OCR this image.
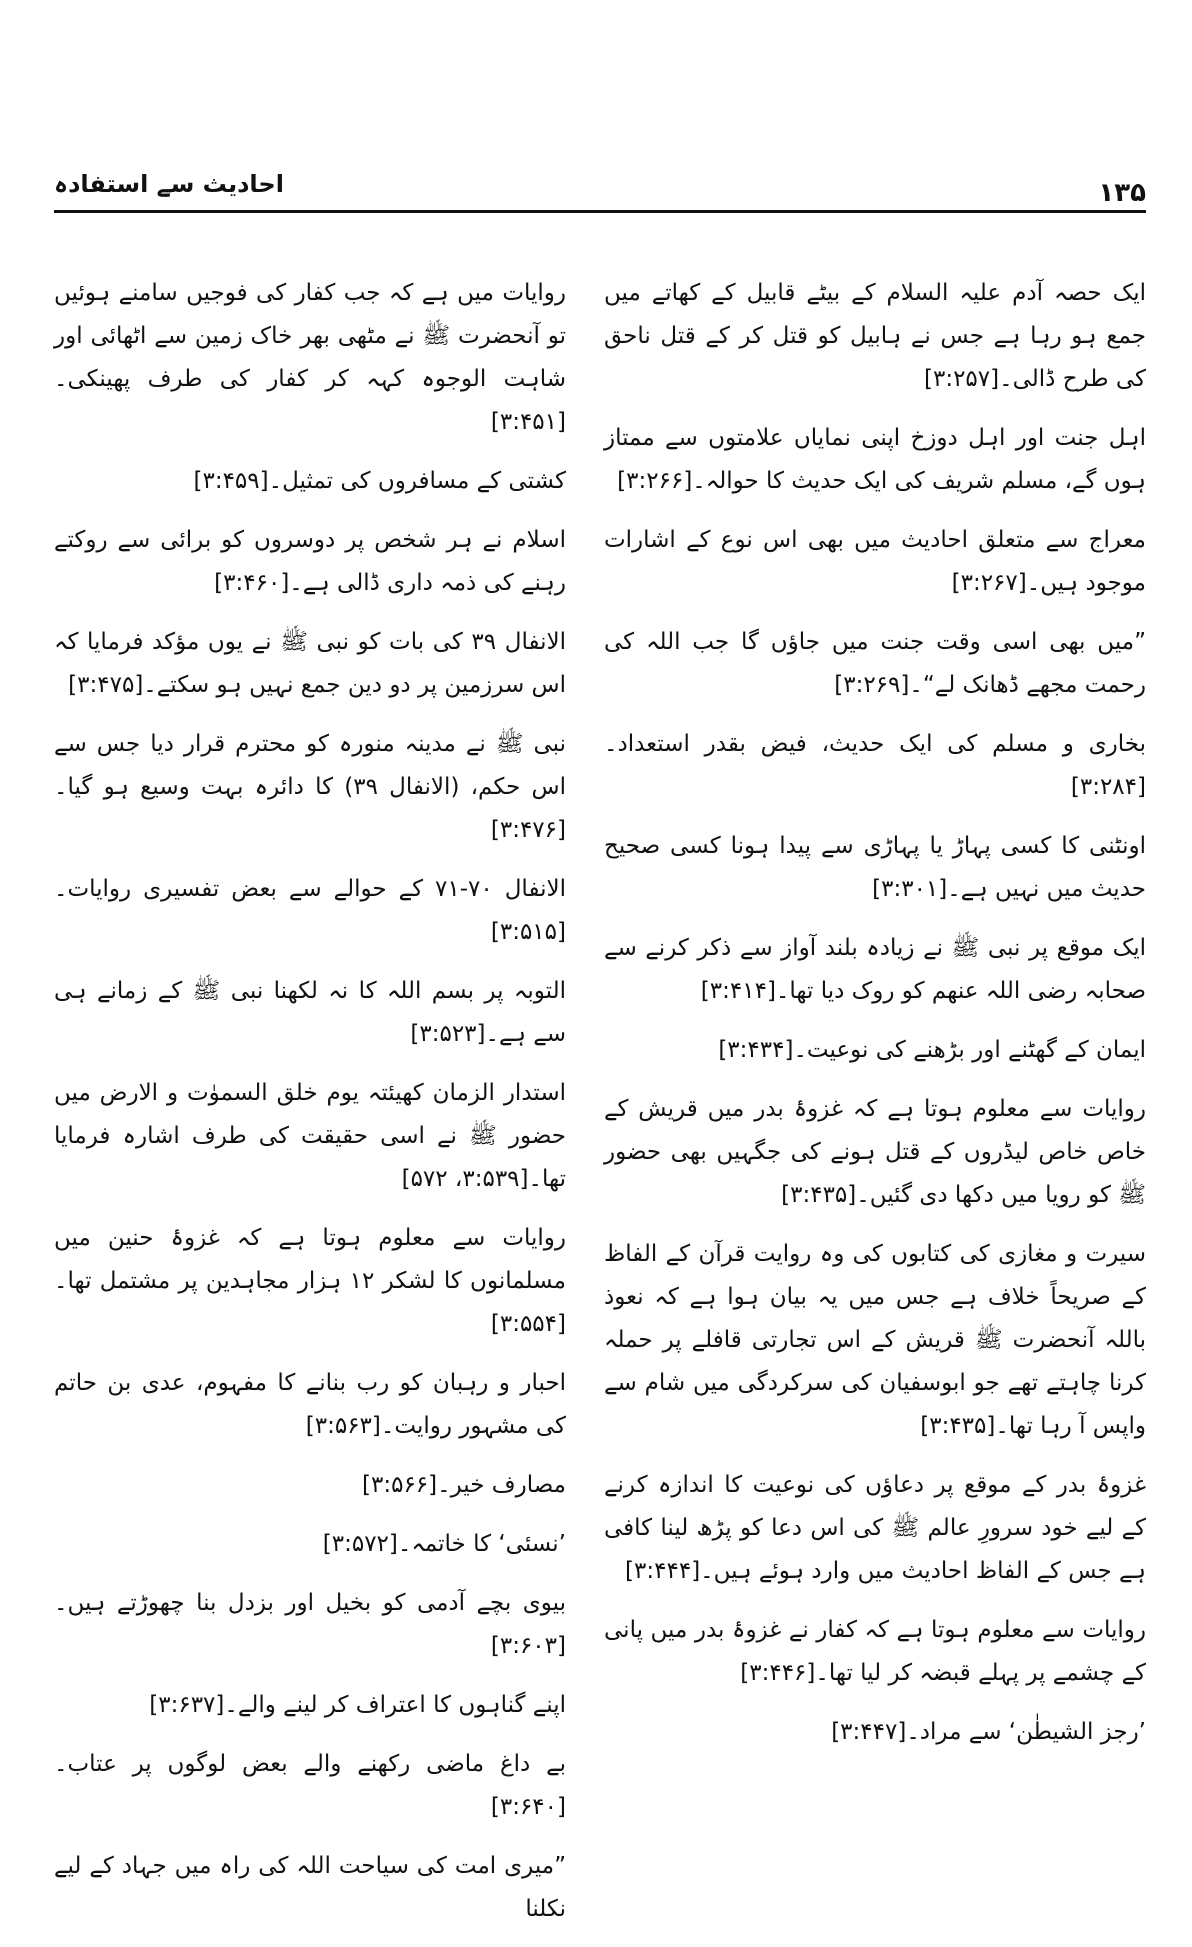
احادیث سے استفادہ	۱۳۵

ایک حصہ آدم علیہ السلام کے بیٹے قابیل کے کھاتے میں جمع ہو رہا ہے جس نے ہابیل کو قتل کر کے قتل ناحق کی طرح ڈالی۔[۳:۲۵۷]

اہل جنت اور اہل دوزخ اپنی نمایاں علامتوں سے ممتاز ہوں گے، مسلم شریف کی ایک حدیث کا حوالہ۔[۳:۲۶۶]

معراج سے متعلق احادیث میں بھی اس نوع کے اشارات موجود ہیں۔[۳:۲۶۷]

”میں بھی اسی وقت جنت میں جاؤں گا جب اللہ کی رحمت مجھے ڈھانک لے“۔[۳:۲۶۹]

بخاری و مسلم کی ایک حدیث، فیض بقدر استعداد۔[۳:۲۸۴]

اونٹنی کا کسی پہاڑ یا پہاڑی سے پیدا ہونا کسی صحیح حدیث میں نہیں ہے۔[۳:۳۰۱]

ایک موقع پر نبی ﷺ نے زیادہ بلند آواز سے ذکر کرنے سے صحابہ رضی اللہ عنھم کو روک دیا تھا۔[۳:۴۱۴]

ایمان کے گھٹنے اور بڑھنے کی نوعیت۔[۳:۴۳۴]

روایات سے معلوم ہوتا ہے کہ غزوۂ بدر میں قریش کے خاص خاص لیڈروں کے قتل ہونے کی جگہیں بھی حضور ﷺ کو رویا میں دکھا دی گئیں۔[۳:۴۳۵]

سیرت و مغازی کی کتابوں کی وہ روایت قرآن کے الفاظ کے صریحاً خلاف ہے جس میں یہ بیان ہوا ہے کہ نعوذ باللہ آنحضرت ﷺ قریش کے اس تجارتی قافلے پر حملہ کرنا چاہتے تھے جو ابوسفیان کی سرکردگی میں شام سے واپس آ رہا تھا۔[۳:۴۳۵]

غزوۂ بدر کے موقع پر دعاؤں کی نوعیت کا اندازہ کرنے کے لیے خود سرورِ عالم ﷺ کی اس دعا کو پڑھ لینا کافی ہے جس کے الفاظ احادیث میں وارد ہوئے ہیں۔[۳:۴۴۴]

روایات سے معلوم ہوتا ہے کہ کفار نے غزوۂ بدر میں پانی کے چشمے پر پہلے قبضہ کر لیا تھا۔[۳:۴۴۶]

’رجز الشیطٰن‘ سے مراد۔[۳:۴۴۷]

روایات میں ہے کہ جب کفار کی فوجیں سامنے ہوئیں تو آنحضرت ﷺ نے مٹھی بھر خاک زمین سے اٹھائی اور شاہت الوجوہ کہہ کر کفار کی طرف پھینکی۔[۳:۴۵۱]

کشتی کے مسافروں کی تمثیل۔[۳:۴۵۹]

اسلام نے ہر شخص پر دوسروں کو برائی سے روکتے رہنے کی ذمہ داری ڈالی ہے۔[۳:۴۶۰]

الانفال ۳۹ کی بات کو نبی ﷺ نے یوں مؤکد فرمایا کہ اس سرزمین پر دو دین جمع نہیں ہو سکتے۔[۳:۴۷۵]

نبی ﷺ نے مدینہ منورہ کو محترم قرار دیا جس سے اس حکم، (الانفال ۳۹) کا دائرہ بہت وسیع ہو گیا۔[۳:۴۷۶]

الانفال ۷۰-۷۱ کے حوالے سے بعض تفسیری روایات۔[۳:۵۱۵]

التوبہ پر بسم اللہ کا نہ لکھنا نبی ﷺ کے زمانے ہی سے ہے۔[۳:۵۲۳]

استدار الزمان کھیئتہ یوم خلق السموٰت و الارض میں حضور ﷺ نے اسی حقیقت کی طرف اشارہ فرمایا تھا۔[۳:۵۳۹، ۵۷۲]

روایات سے معلوم ہوتا ہے کہ غزوۂ حنین میں مسلمانوں کا لشکر ۱۲ ہزار مجاہدین پر مشتمل تھا۔[۳:۵۵۴]

احبار و رہبان کو رب بنانے کا مفہوم، عدی بن حاتم کی مشہور روایت۔[۳:۵۶۳]

مصارف خیر۔[۳:۵۶۶]

’نسئی‘ کا خاتمہ۔[۳:۵۷۲]

بیوی بچے آدمی کو بخیل اور بزدل بنا چھوڑتے ہیں۔[۳:۶۰۳]

اپنے گناہوں کا اعتراف کر لینے والے۔[۳:۶۳۷]

بے داغ ماضی رکھنے والے بعض لوگوں پر عتاب۔[۳:۶۴۰]

”میری امت کی سیاحت اللہ کی راہ میں جہاد کے لیے نکلنا
